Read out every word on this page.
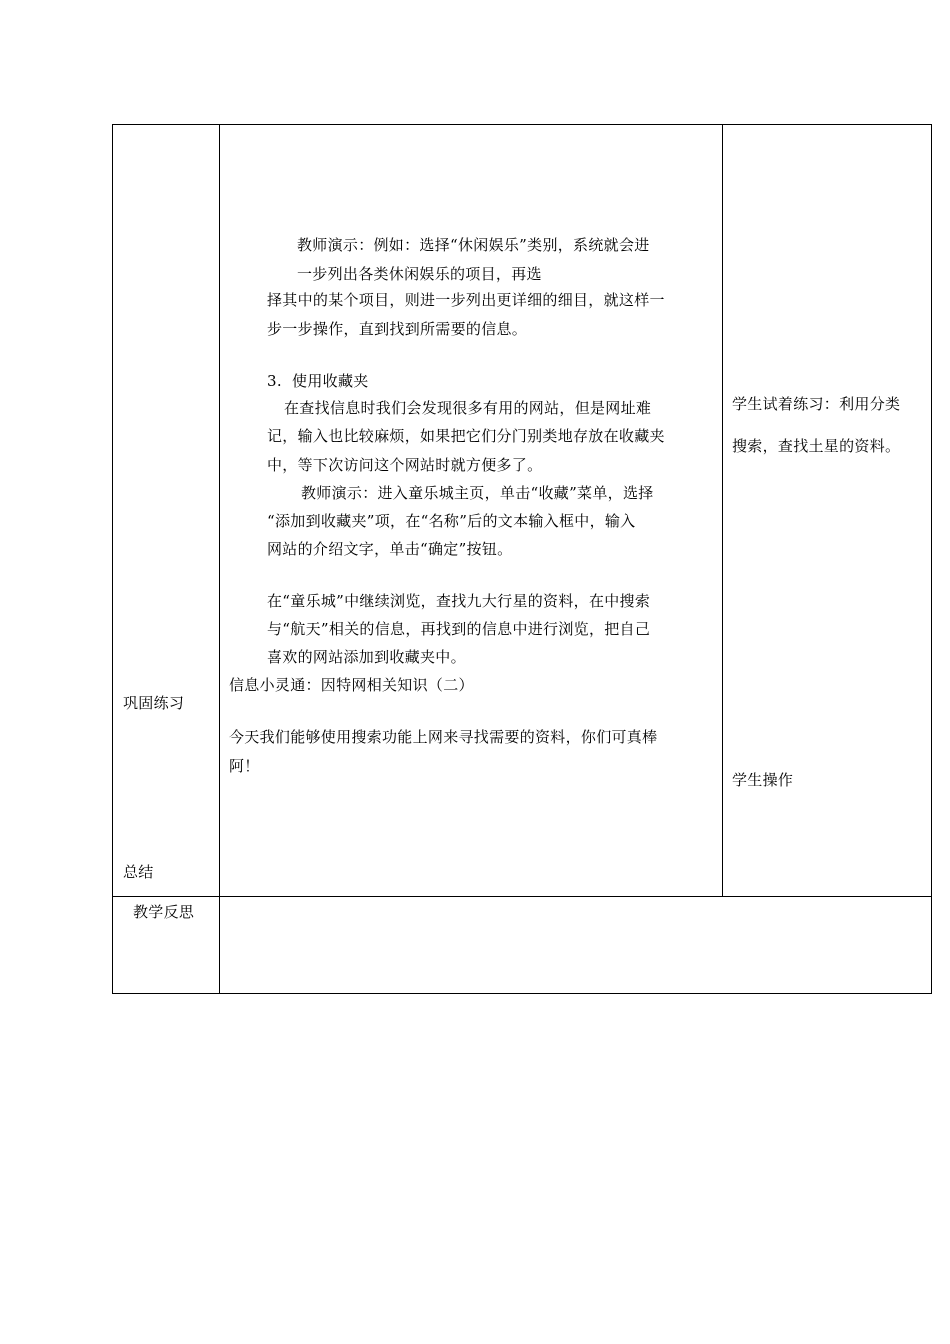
巩固练习
总结
教学反思
教师演示：例如：选择“休闲娱乐”类别，系统就会进
一步列出各类休闲娱乐的项目，再选
择其中的某个项目，则进一步列出更详细的细目，就这样一
步一步操作，直到找到所需要的信息。
3.  使用收藏夹
在查找信息时我们会发现很多有用的网站，但是网址难
记，输入也比较麻烦，如果把它们分门别类地存放在收藏夹
中，等下次访问这个网站时就方便多了。
教师演示：进入童乐城主页，单击“收藏”菜单，选择
“添加到收藏夹”项，在“名称”后的文本输入框中，输入
网站的介绍文字，单击“确定”按钮。
在“童乐城”中继续浏览，查找九大行星的资料，在中搜索
与“航天”相关的信息，再找到的信息中进行浏览，把自己
喜欢的网站添加到收藏夹中。
信息小灵通：因特网相关知识（二）
今天我们能够使用搜索功能上网来寻找需要的资料，你们可真棒
阿！
学生试着练习：利用分类
搜索，查找土星的资料。
学生操作
